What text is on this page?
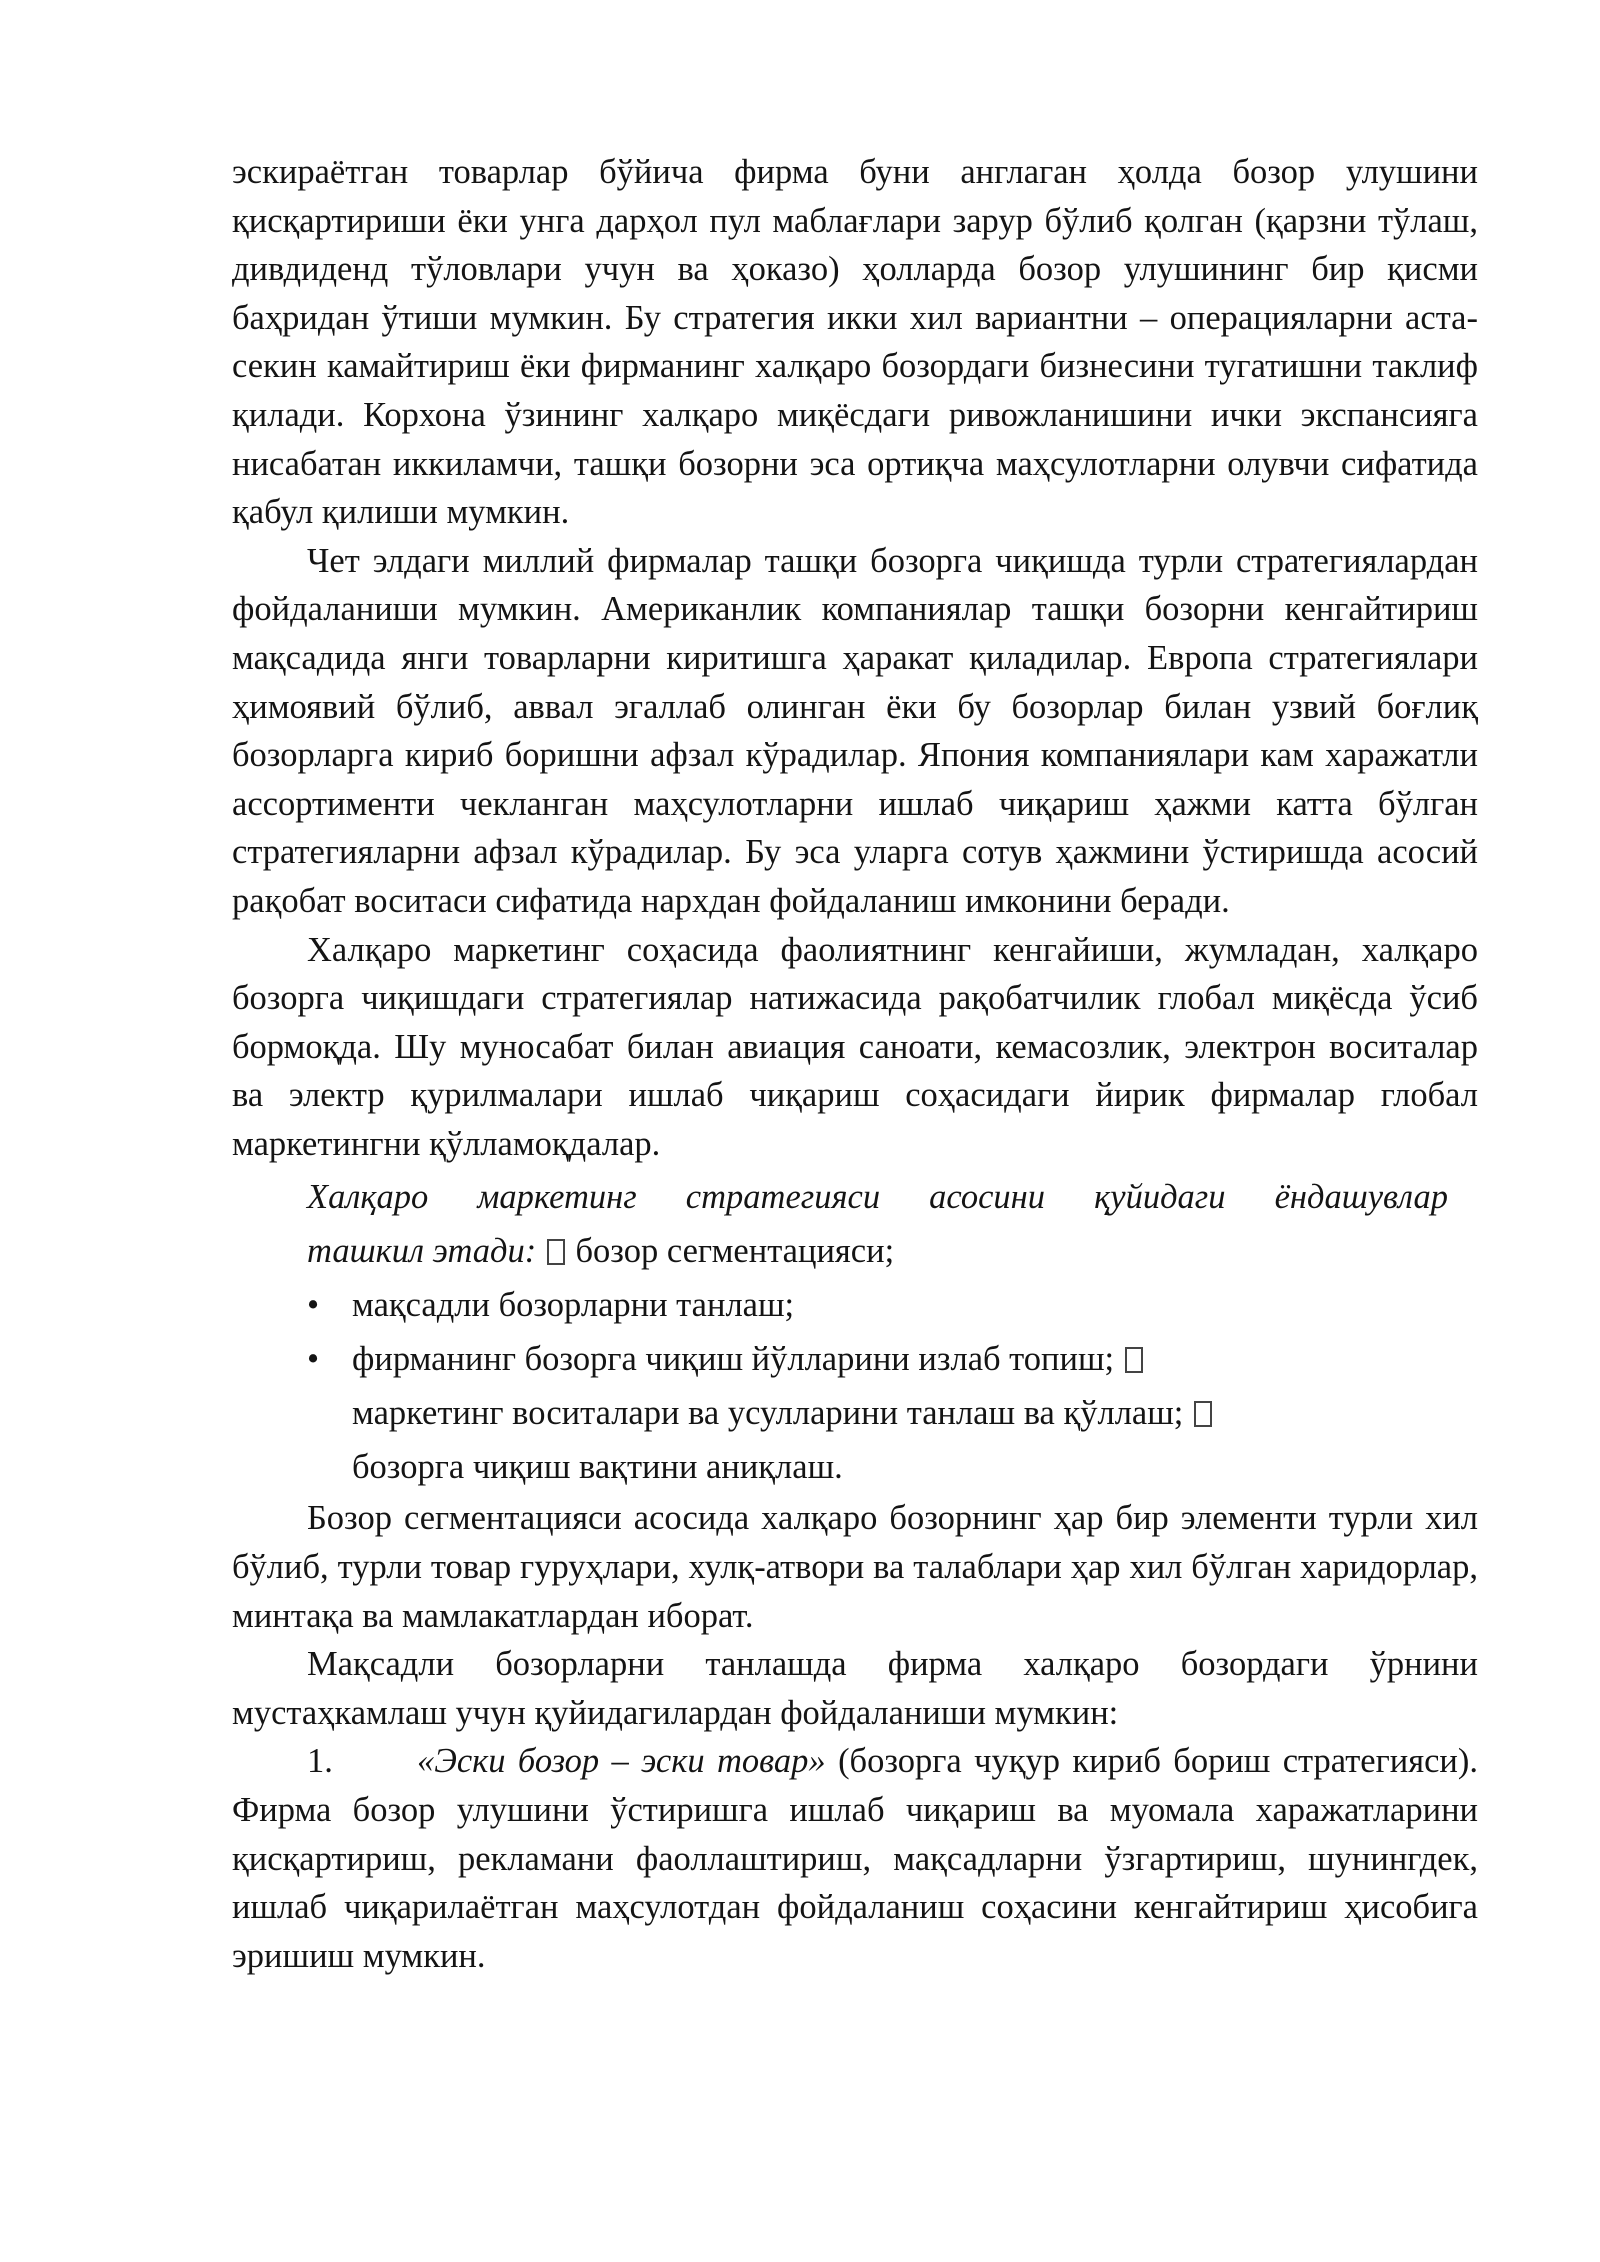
эскираётган товарлар бўйича фирма буни англаган ҳолда бозор улушини қисқартириши ёки унга дарҳол пул маблағлари зарур бўлиб қолган (қарзни тўлаш, дивдиденд тўловлари учун ва ҳоказо) ҳолларда бозор улушининг бир қисми баҳридан ўтиши мумкин. Бу стратегия икки хил вариантни – операцияларни аста-секин камайтириш ёки фирманинг халқаро бозордаги бизнесини тугатишни таклиф қилади. Корхона ўзининг халқаро миқёсдаги ривожланишини ички экспансияга нисабатан иккиламчи, ташқи бозорни эса ортиқча маҳсулотларни олувчи сифатида қабул қилиши мумкин.

Чет элдаги миллий фирмалар ташқи бозорга чиқишда турли стратегиялардан фойдаланиши мумкин. Американлик компаниялар ташқи бозорни кенгайтириш мақсадида янги товарларни киритишга ҳаракат қиладилар. Европа стратегиялари ҳимоявий бўлиб, аввал эгаллаб олинган ёки бу бозорлар билан узвий боғлиқ бозорларга кириб боришни афзал кўрадилар. Япония компаниялари кам харажатли ассортименти чекланган маҳсулотларни ишлаб чиқариш ҳажми катта бўлган стратегияларни афзал кўрадилар. Бу эса уларга сотув ҳажмини ўстиришда асосий рақобат воситаси сифатида нархдан фойдаланиш имконини беради.

Халқаро маркетинг соҳасида фаолиятнинг кенгайиши, жумладан, халқаро бозорга чиқишдаги стратегиялар натижасида рақобатчилик глобал миқёсда ўсиб бормоқда. Шу муносабат билан авиация саноати, кемасозлик, электрон воситалар ва электр қурилмалари ишлаб чиқариш соҳасидаги йирик фирмалар глобал маркетингни қўлламоқдалар.

Халқаро маркетинг стратегияси асосини қуйидаги ёндашувлар
ташкил этади: бозор сегментацияси;
• мақсадли бозорларни танлаш;
• фирманинг бозорга чиқиш йўлларини излаб топиш;
маркетинг воситалари ва усулларини танлаш ва қўллаш;
бозорга чиқиш вақтини аниқлаш.

Бозор сегментацияси асосида халқаро бозорнинг ҳар бир элементи турли хил бўлиб, турли товар гуруҳлари, хулқ-атвори ва талаблари ҳар хил бўлган харидорлар, минтақа ва мамлакатлардан иборат.

Мақсадли бозорларни танлашда фирма халқаро бозордаги ўрнини мустаҳкамлаш учун қуйидагилардан фойдаланиши мумкин:

1. «Эски бозор – эски товар» (бозорга чуқур кириб бориш стратегияси). Фирма бозор улушини ўстиришга ишлаб чиқариш ва муомала харажатларини қисқартириш, рекламани фаоллаштириш, мақсадларни ўзгартириш, шунингдек, ишлаб чиқарилаётган маҳсулотдан фойдаланиш соҳасини кенгайтириш ҳисобига эришиш мумкин.
